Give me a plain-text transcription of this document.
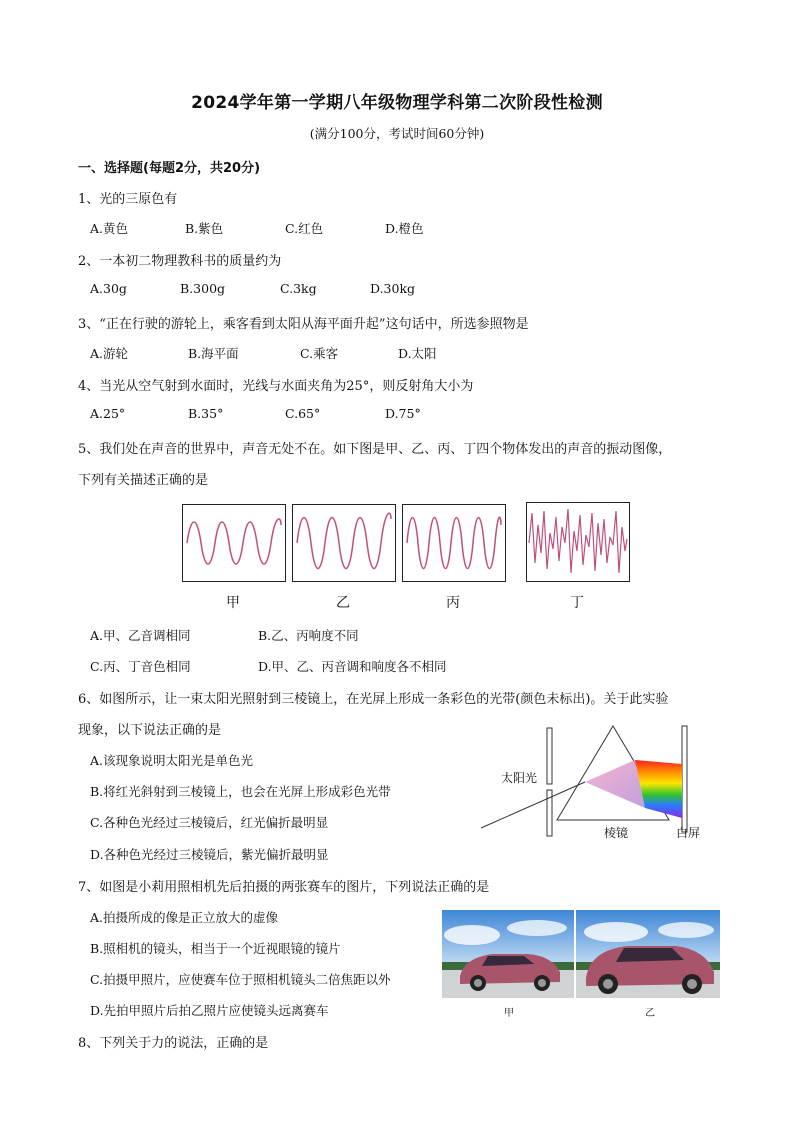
2024学年第一学期八年级物理学科第二次阶段性检测
(满分100分，考试时间60分钟)
一、选择题(每题2分，共20分)
1、光的三原色有
A.黄色	B.紫色	C.红色	D.橙色
2、一本初二物理教科书的质量约为
A.30g	B.300g	C.3kg	D.30kg
3、“正在行驶的游轮上，乘客看到太阳从海平面升起”这句话中，所选参照物是
A.游轮	B.海平面	C.乘客	D.太阳
4、当光从空气射到水面时，光线与水面夹角为25°，则反射角大小为
A.25°	B.35°	C.65°	D.75°
5、我们处在声音的世界中，声音无处不在。如下图是甲、乙、丙、丁四个物体发出的声音的振动图像，
下列有关描述正确的是
甲	乙	丙	丁
A.甲、乙音调相同	B.乙、丙响度不同
C.丙、丁音色相同	D.甲、乙、丙音调和响度各不相同
6、如图所示，让一束太阳光照射到三棱镜上，在光屏上形成一条彩色的光带(颜色未标出)。关于此实验
现象，以下说法正确的是
A.该现象说明太阳光是单色光
B.将红光斜射到三棱镜上，也会在光屏上形成彩色光带
C.各种色光经过三棱镜后，红光偏折最明显
D.各种色光经过三棱镜后，紫光偏折最明显
太阳光
棱镜	白屏
7、如图是小莉用照相机先后拍摄的两张赛车的图片，下列说法正确的是
A.拍摄所成的像是正立放大的虚像
B.照相机的镜头，相当于一个近视眼镜的镜片
C.拍摄甲照片，应使赛车位于照相机镜头二倍焦距以外
D.先拍甲照片后拍乙照片应使镜头远离赛车	甲	乙
8、下列关于力的说法，正确的是
